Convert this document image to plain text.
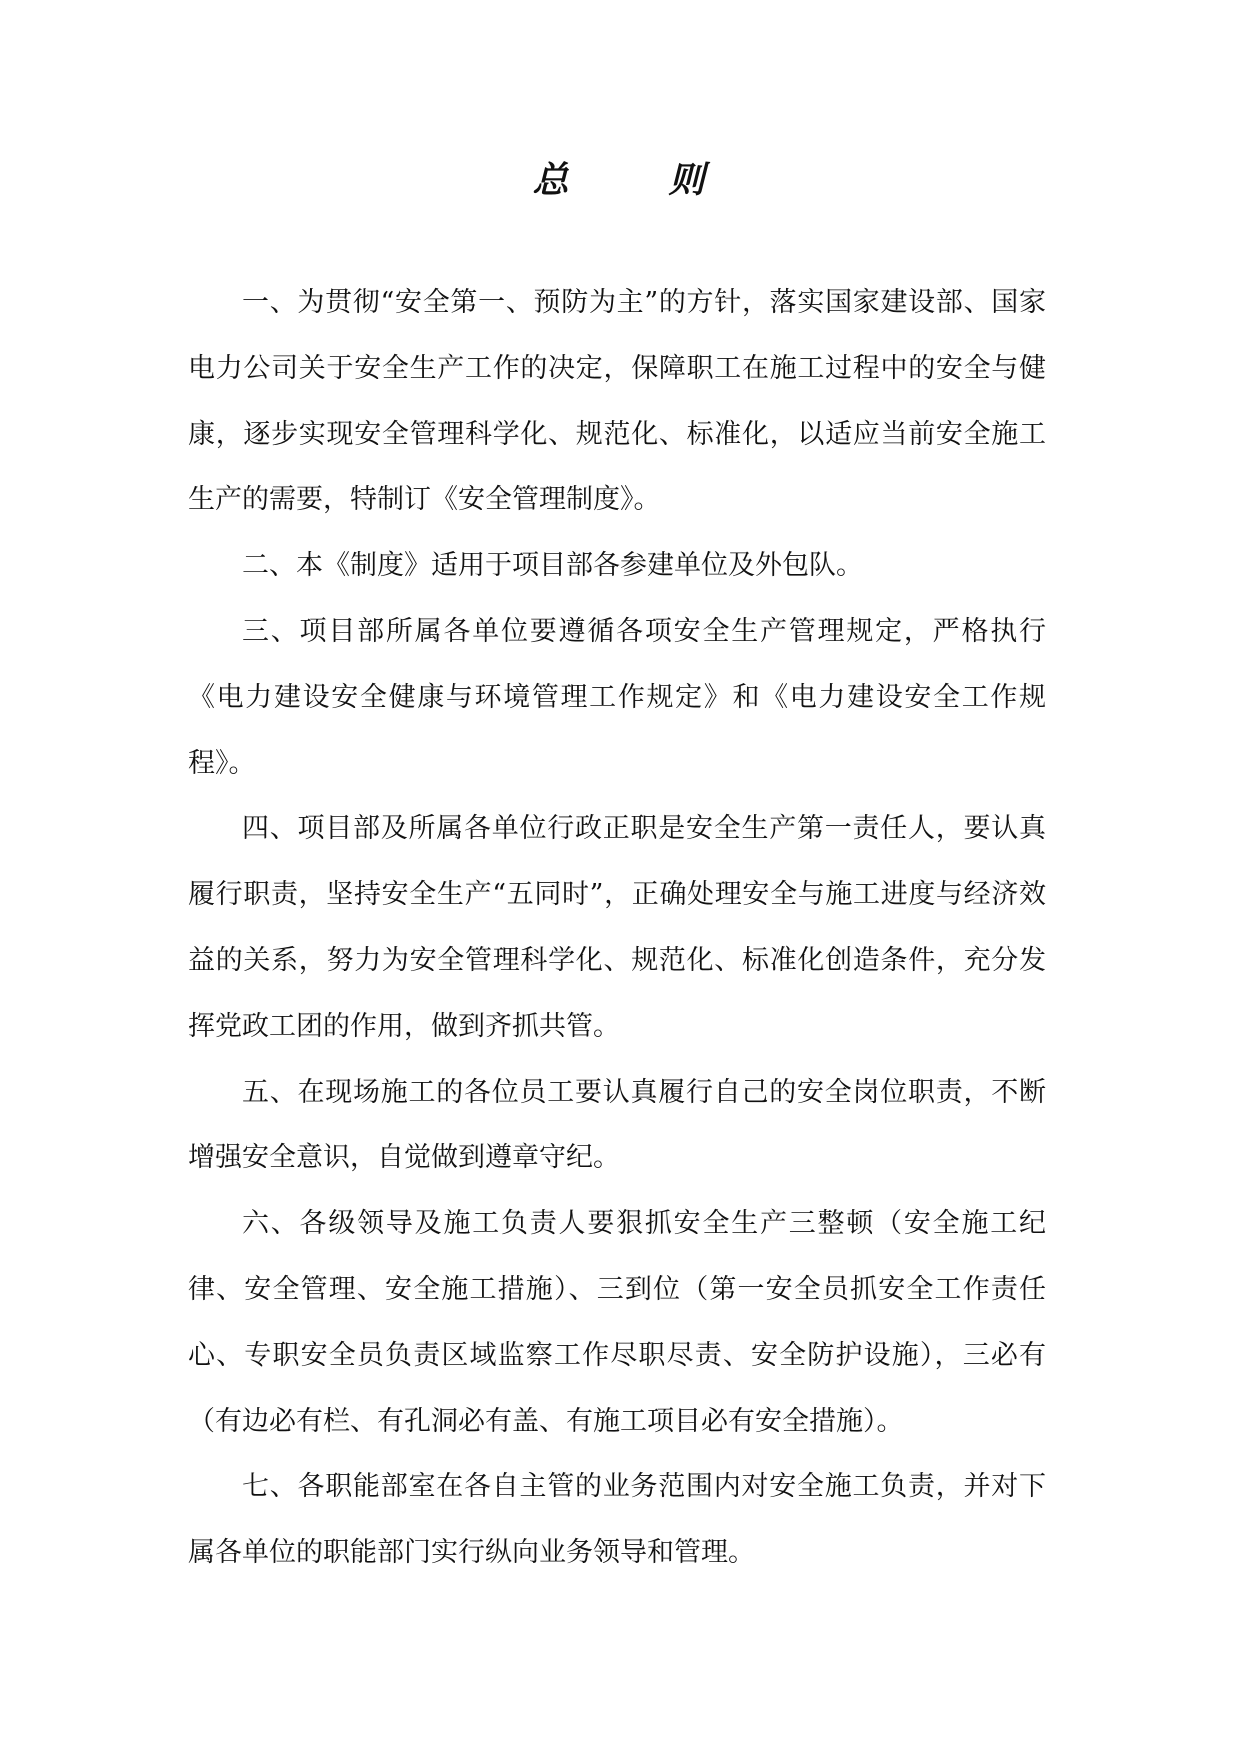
总	则

一、为贯彻“安全第一、预防为主”的方针，落实国家建设部、国家电力公司关于安全生产工作的决定，保障职工在施工过程中的安全与健康，逐步实现安全管理科学化、规范化、标准化，以适应当前安全施工生产的需要，特制订《安全管理制度》。

二、本《制度》适用于项目部各参建单位及外包队。

三、项目部所属各单位要遵循各项安全生产管理规定，严格执行《电力建设安全健康与环境管理工作规定》和《电力建设安全工作规程》。

四、项目部及所属各单位行政正职是安全生产第一责任人，要认真履行职责，坚持安全生产“五同时”，正确处理安全与施工进度与经济效益的关系，努力为安全管理科学化、规范化、标准化创造条件，充分发挥党政工团的作用，做到齐抓共管。

五、在现场施工的各位员工要认真履行自己的安全岗位职责，不断增强安全意识，自觉做到遵章守纪。

六、各级领导及施工负责人要狠抓安全生产三整顿（安全施工纪律、安全管理、安全施工措施）、三到位（第一安全员抓安全工作责任心、专职安全员负责区域监察工作尽职尽责、安全防护设施），三必有（有边必有栏、有孔洞必有盖、有施工项目必有安全措施）。

七、各职能部室在各自主管的业务范围内对安全施工负责，并对下属各单位的职能部门实行纵向业务领导和管理。
